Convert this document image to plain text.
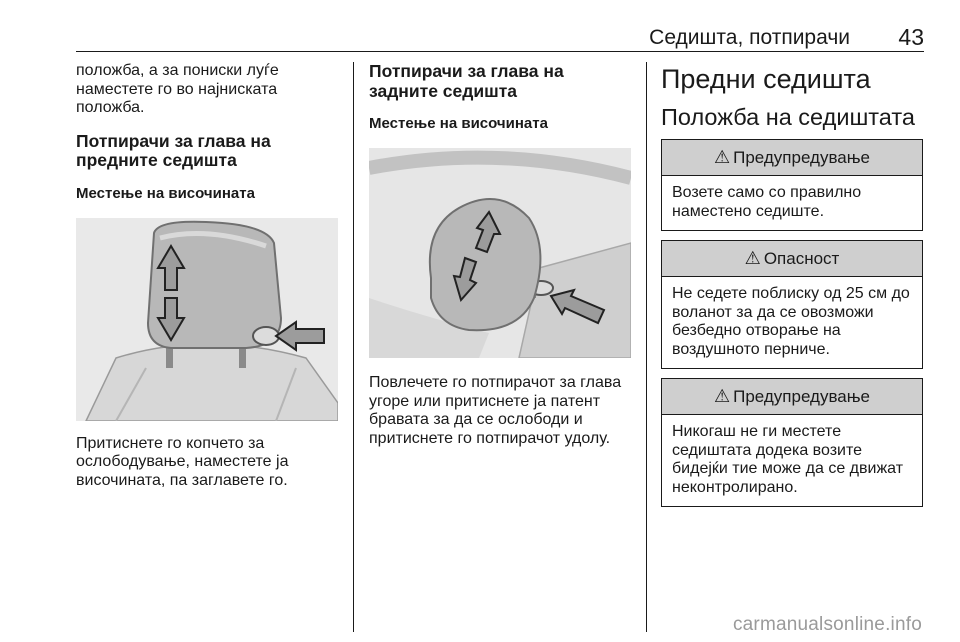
Седишта, потпирачи 43

положба, а за пониски луѓе наместете го во најниската положба.

Потпирачи за глава на предните седишта

Местење на височината

Притиснете го копчето за ослободување, наместете ја височината, па заглавете го.

Потпирачи за глава на задните седишта

Местење на височината

Повлечете го потпирачот за глава угоре или притиснете ја патент бравата за да се ослободи и притиснете го потпирачот удолу.

Предни седишта

Положба на седиштата

⚠ Предупредување
Возете само со правилно наместено седиште.
⚠ Опасност
Не седете поблиску од 25 см до воланот за да се овозможи безбедно отворање на воздушното перниче.
⚠ Предупредување
Никогаш не ги местете седиштата додека возите бидејќи тие може да се движат неконтролирано.
carmanualsonline.info
